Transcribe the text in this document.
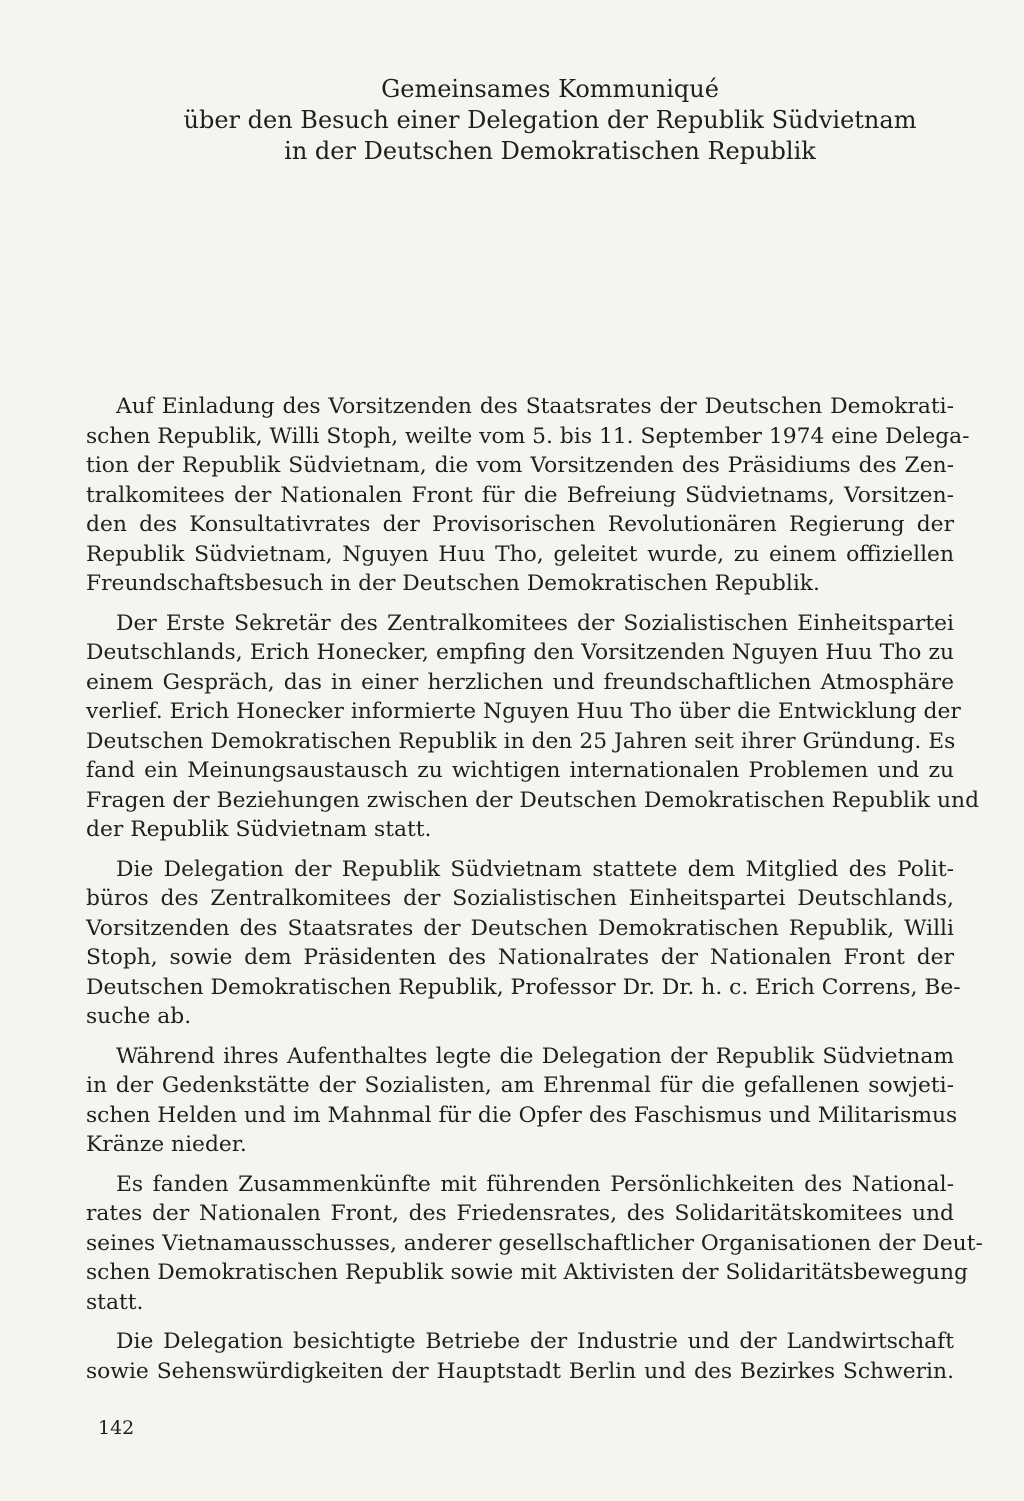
Gemeinsames Kommuniqué
über den Besuch einer Delegation der Republik Südvietnam
in der Deutschen Demokratischen Republik
Auf Einladung des Vorsitzenden des Staatsrates der Deutschen Demokrati-
schen Republik, Willi Stoph, weilte vom 5. bis 11. September 1974 eine Delega-
tion der Republik Südvietnam, die vom Vorsitzenden des Präsidiums des Zen-
tralkomitees der Nationalen Front für die Befreiung Südvietnams, Vorsitzen-
den des Konsultativrates der Provisorischen Revolutionären Regierung der
Republik Südvietnam, Nguyen Huu Tho, geleitet wurde, zu einem offiziellen
Freundschaftsbesuch in der Deutschen Demokratischen Republik.
Der Erste Sekretär des Zentralkomitees der Sozialistischen Einheitspartei
Deutschlands, Erich Honecker, empfing den Vorsitzenden Nguyen Huu Tho zu
einem Gespräch, das in einer herzlichen und freundschaftlichen Atmosphäre
verlief. Erich Honecker informierte Nguyen Huu Tho über die Entwicklung der
Deutschen Demokratischen Republik in den 25 Jahren seit ihrer Gründung. Es
fand ein Meinungsaustausch zu wichtigen internationalen Problemen und zu
Fragen der Beziehungen zwischen der Deutschen Demokratischen Republik und
der Republik Südvietnam statt.
Die Delegation der Republik Südvietnam stattete dem Mitglied des Polit-
büros des Zentralkomitees der Sozialistischen Einheitspartei Deutschlands,
Vorsitzenden des Staatsrates der Deutschen Demokratischen Republik, Willi
Stoph, sowie dem Präsidenten des Nationalrates der Nationalen Front der
Deutschen Demokratischen Republik, Professor Dr. Dr. h. c. Erich Correns, Be-
suche ab.
Während ihres Aufenthaltes legte die Delegation der Republik Südvietnam
in der Gedenkstätte der Sozialisten, am Ehrenmal für die gefallenen sowjeti-
schen Helden und im Mahnmal für die Opfer des Faschismus und Militarismus
Kränze nieder.
Es fanden Zusammenkünfte mit führenden Persönlichkeiten des National-
rates der Nationalen Front, des Friedensrates, des Solidaritätskomitees und
seines Vietnamausschusses, anderer gesellschaftlicher Organisationen der Deut-
schen Demokratischen Republik sowie mit Aktivisten der Solidaritätsbewegung
statt.
Die Delegation besichtigte Betriebe der Industrie und der Landwirtschaft
sowie Sehenswürdigkeiten der Hauptstadt Berlin und des Bezirkes Schwerin.
142
